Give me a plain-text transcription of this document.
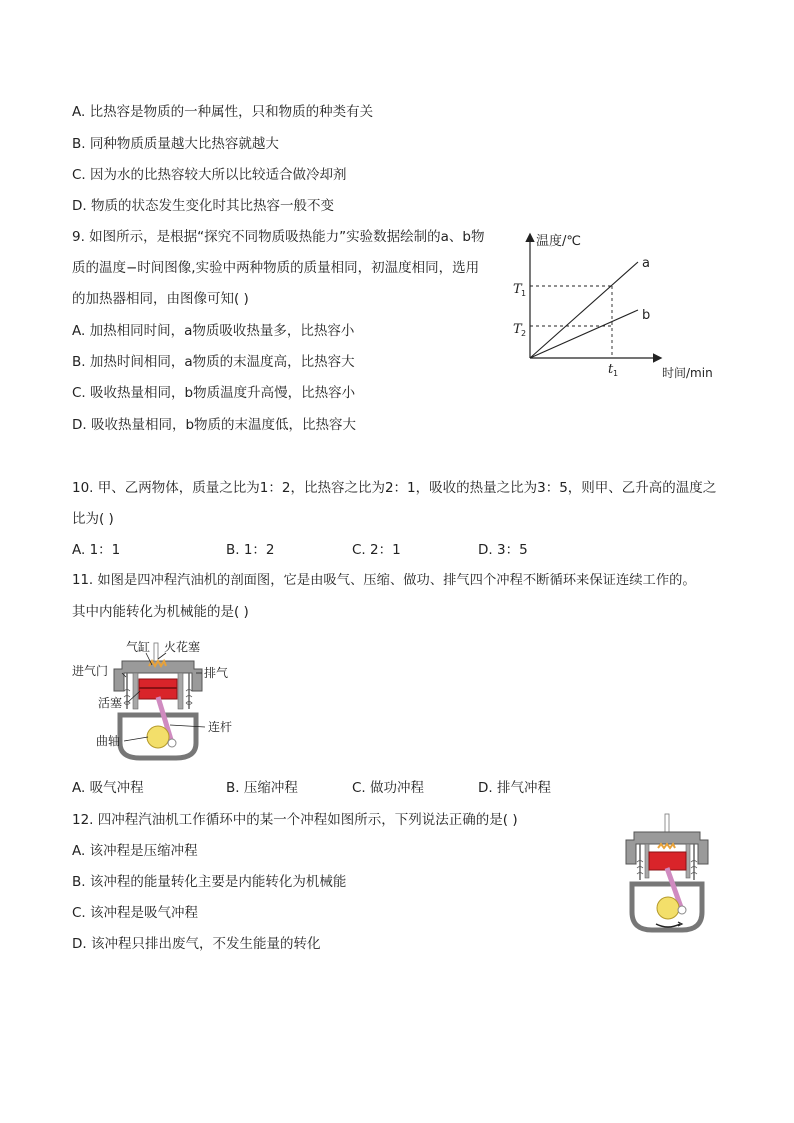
A. 比热容是物质的一种属性，只和物质的种类有关
B. 同种物质质量越大比热容就越大
C. 因为水的比热容较大所以比较适合做冷却剂
D. 物质的状态发生变化时其比热容一般不变
9. 如图所示，是根据“探究不同物质吸热能力”实验数据绘制的a、b物
质的温度−时间图像,实验中两种物质的质量相同，初温度相同，选用
的加热器相同，由图像可知( )
A. 加热相同时间，a物质吸收热量多，比热容小
B. 加热时间相同，a物质的末温度高，比热容大
C. 吸收热量相同，b物质温度升高慢，比热容小
D. 吸收热量相同，b物质的末温度低，比热容大
温度/℃
时间/min
a
b
T 1
T 2
t 1
10. 甲、乙两物体，质量之比为1：2，比热容之比为2：1，吸收的热量之比为3：5，则甲、乙升高的温度之
比为( )
A. 1：1	B. 1：2	C. 2：1	D. 3：5
11. 如图是四冲程汽油机的剖面图，它是由吸气、压缩、做功、排气四个冲程不断循环来保证连续工作的。
其中内能转化为机械能的是( )
气缸 火花塞
进气门	排气
活塞
连杆
曲轴
A. 吸气冲程	B. 压缩冲程	C. 做功冲程	D. 排气冲程
12. 四冲程汽油机工作循环中的某一个冲程如图所示，下列说法正确的是( )
A. 该冲程是压缩冲程
B. 该冲程的能量转化主要是内能转化为机械能
C. 该冲程是吸气冲程
D. 该冲程只排出废气，不发生能量的转化
